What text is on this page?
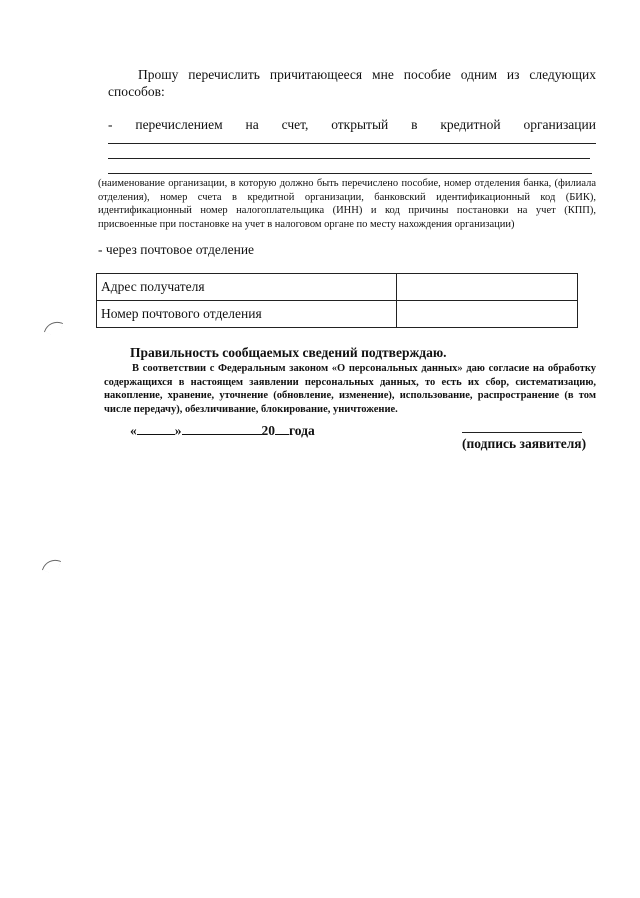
Прошу перечислить причитающееся мне пособие одним из следующих способов:
- перечислением на счет, открытый в кредитной организации
(наименование организации, в которую должно быть перечислено пособие, номер отделения банка, (филиала отделения), номер счета в кредитной организации, банковский идентификационный код (БИК), идентификационный номер налогоплательщика (ИНН) и код причины постановки на учет (КПП), присвоенные при постановке на учет в налоговом органе по месту нахождения организации)
- через почтовое отделение
Адрес получателя	
Номер почтового отделения	
Правильность сообщаемых сведений подтверждаю.
В соответствии с Федеральным законом «О персональных данных» даю согласие на обработку содержащихся в настоящем заявлении персональных данных, то есть их сбор, систематизацию, накопление, хранение, уточнение (обновление, изменение), использование, распространение (в том числе передачу), обезличивание, блокирование, уничтожение.
«	»	20 года
(подпись заявителя)
